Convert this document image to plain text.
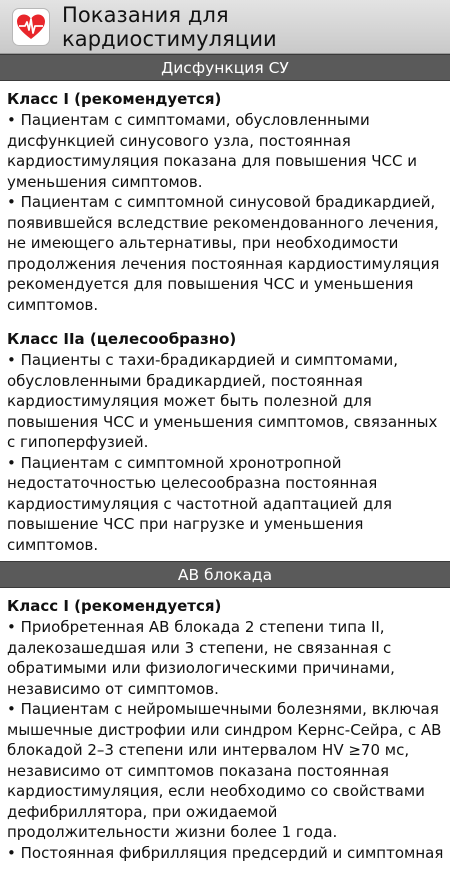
Показания для кардиостимуляции
Дисфункция СУ
Класс I (рекомендуется)
• Пациентам с симптомами, обусловленными дисфункцией синусового узла, постоянная кардиостимуляция показана для повышения ЧСС и уменьшения симптомов.
• Пациентам с симптомной синусовой брадикардией, появившейся вследствие рекомендованного лечения, не имеющего альтернативы, при необходимости продолжения лечения постоянная кардиостимуляция рекомендуется для повышения ЧСС и уменьшения симптомов.
Класс IIa (целесообразно)
• Пациенты с тахи-брадикардией и симптомами, обусловленными брадикардией, постоянная кардиостимуляция может быть полезной для повышения ЧСС и уменьшения симптомов, связанных с гипоперфузией.
• Пациентам с симптомной хронотропной недостаточностью целесообразна постоянная кардиостимуляция с частотной адаптацией для повышение ЧСС при нагрузке и уменьшения симптомов.
АВ блокада
Класс I (рекомендуется)
• Приобретенная АВ блокада 2 степени типа II, далекозашедшая или 3 степени, не связанная с обратимыми или физиологическими причинами, независимо от симптомов.
• Пациентам с нейромышечными болезнями, включая мышечные дистрофии или синдром Кернс-Сейра, с АВ блокадой 2–3 степени или интервалом HV ≥70 мс, независимо от симптомов показана постоянная кардиостимуляция, если необходимо со свойствами дефибриллятора, при ожидаемой продолжительности жизни более 1 года.
• Постоянная фибрилляция предсердий и симптомная
